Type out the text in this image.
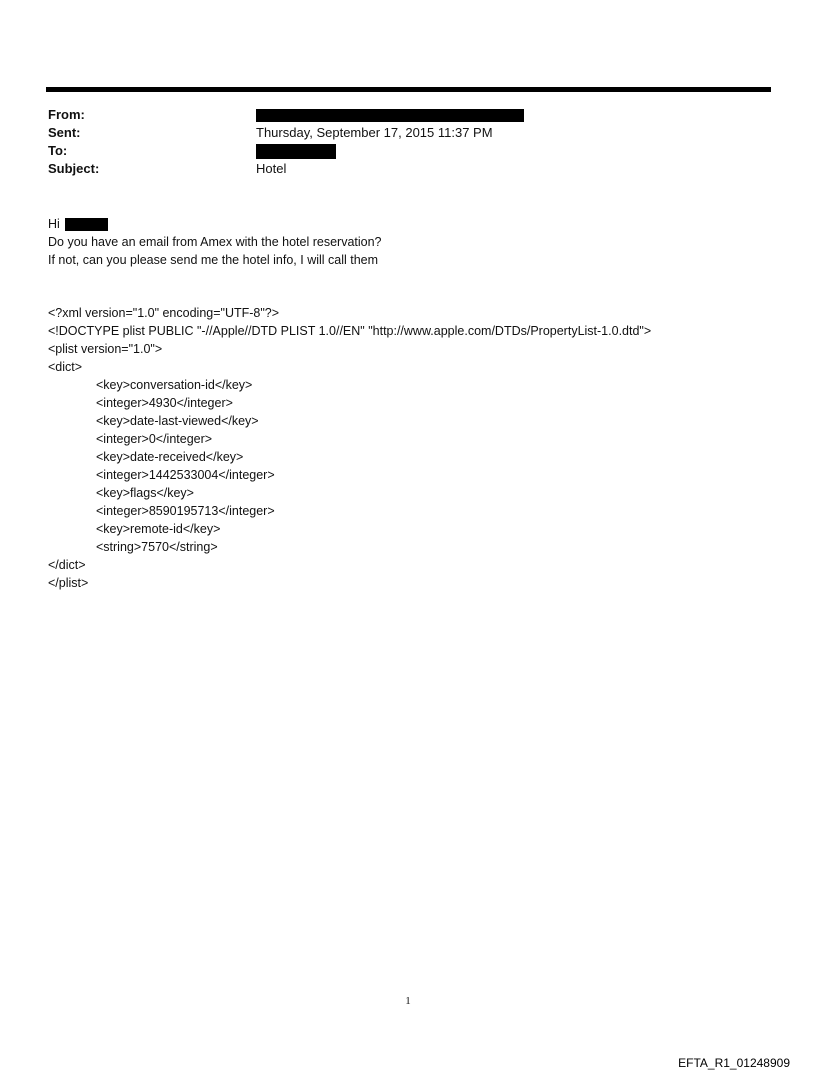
From:
Sent:	Thursday, September 17, 2015 11:37 PM
To:
Subject:	Hotel
Hi
Do you have an email from Amex with the hotel reservation?
If not, can you please send me the hotel info, I will call them
<?xml version="1.0" encoding="UTF-8"?>
<!DOCTYPE plist PUBLIC "-//Apple//DTD PLIST 1.0//EN" "http://www.apple.com/DTDs/PropertyList-1.0.dtd">
<plist version="1.0">
<dict>
<key>conversation-id</key>
<integer>4930</integer>
<key>date-last-viewed</key>
<integer>0</integer>
<key>date-received</key>
<integer>1442533004</integer>
<key>flags</key>
<integer>8590195713</integer>
<key>remote-id</key>
<string>7570</string>
</dict>
</plist>
1
EFTA_R1_01248909
